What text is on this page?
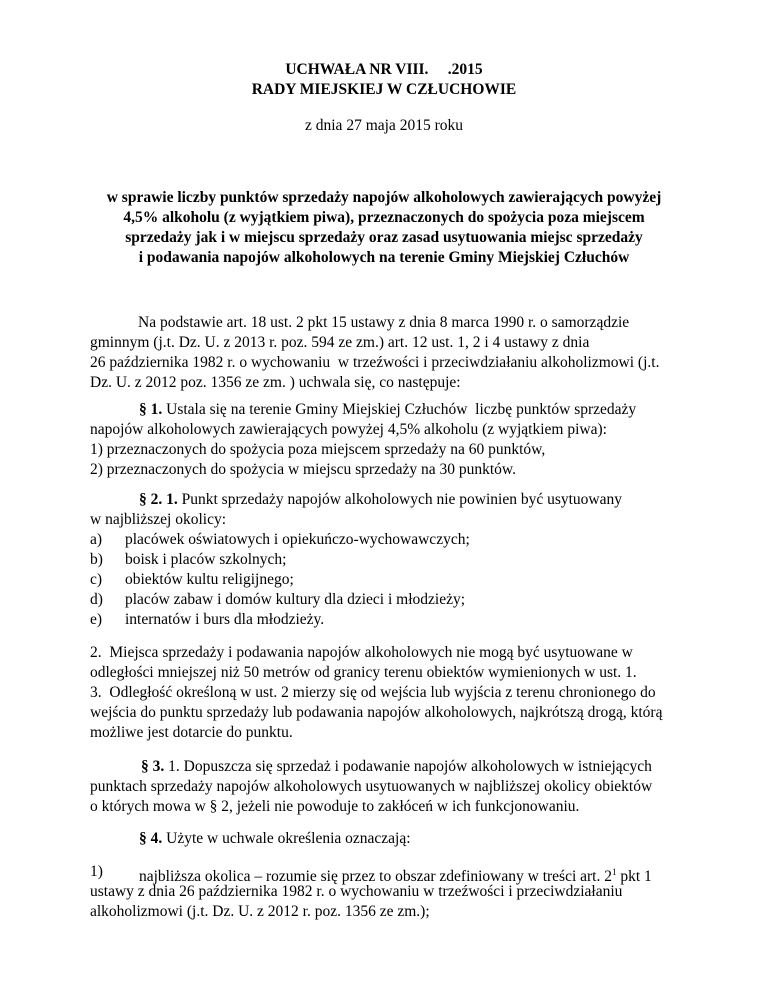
UCHWAŁA NR VIII.     .2015
RADY MIEJSKIEJ W CZŁUCHOWIE
z dnia 27 maja 2015 roku
w sprawie liczby punktów sprzedaży napojów alkoholowych zawierających powyżej
4,5% alkoholu (z wyjątkiem piwa), przeznaczonych do spożycia poza miejscem
sprzedaży jak i w miejscu sprzedaży oraz zasad usytuowania miejsc sprzedaży
i podawania napojów alkoholowych na terenie Gminy Miejskiej Człuchów
Na podstawie art. 18 ust. 2 pkt 15 ustawy z dnia 8 marca 1990 r. o samorządzie
gminnym (j.t. Dz. U. z 2013 r. poz. 594 ze zm.) art. 12 ust. 1, 2 i 4 ustawy z dnia
26 października 1982 r. o wychowaniu  w trzeźwości i przeciwdziałaniu alkoholizmowi (j.t.
Dz. U. z 2012 poz. 1356 ze zm. ) uchwala się, co następuje:
§ 1. Ustala się na terenie Gminy Miejskiej Człuchów  liczbę punktów sprzedaży
napojów alkoholowych zawierających powyżej 4,5% alkoholu (z wyjątkiem piwa):
1) przeznaczonych do spożycia poza miejscem sprzedaży na 60 punktów,
2) przeznaczonych do spożycia w miejscu sprzedaży na 30 punktów.
§ 2. 1. Punkt sprzedaży napojów alkoholowych nie powinien być usytuowany
w najbliższej okolicy:
a) placówek oświatowych i opiekuńczo-wychowawczych;
b) boisk i placów szkolnych;
c) obiektów kultu religijnego;
d) placów zabaw i domów kultury dla dzieci i młodzieży;
e) internatów i burs dla młodzieży.
2.  Miejsca sprzedaży i podawania napojów alkoholowych nie mogą być usytuowane w
odległości mniejszej niż 50 metrów od granicy terenu obiektów wymienionych w ust. 1.
3.  Odległość określoną w ust. 2 mierzy się od wejścia lub wyjścia z terenu chronionego do
wejścia do punktu sprzedaży lub podawania napojów alkoholowych, najkrótszą drogą, którą
możliwe jest dotarcie do punktu.
§ 3. 1. Dopuszcza się sprzedaż i podawanie napojów alkoholowych w istniejących
punktach sprzedaży napojów alkoholowych usytuowanych w najbliższej okolicy obiektów
o których mowa w § 2, jeżeli nie powoduje to zakłóceń w ich funkcjonowaniu.
§ 4. Użyte w uchwale określenia oznaczają:
1) najbliższa okolica – rozumie się przez to obszar zdefiniowany w treści art. $2^1$ pkt 1
ustawy z dnia 26 października 1982 r. o wychowaniu w trzeźwości i przeciwdziałaniu
alkoholizmowi (j.t. Dz. U. z 2012 r. poz. 1356 ze zm.);
